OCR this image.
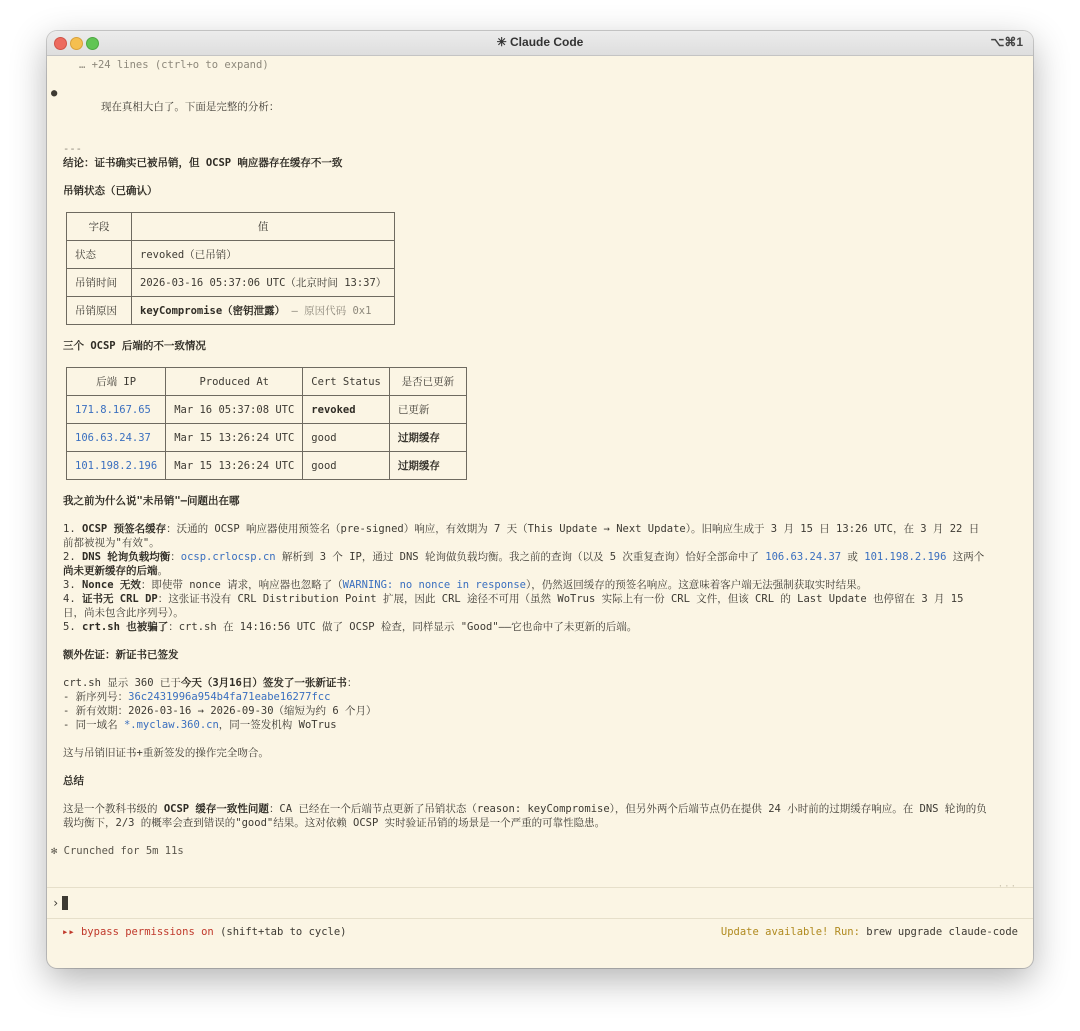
✳ Claude Code	⌥⌘1
… +24 lines (ctrl+o to expand)

●
现在真相大白了。下面是完整的分析：

---
结论：证书确实已被吊销，但 OCSP 响应器存在缓存不一致
吊销状态（已确认）
字段	值
状态	revoked（已吊销）
吊销时间	2026-03-16 05:37:06 UTC（北京时间 13:37）
吊销原因	keyCompromise（密钥泄露） — 原因代码 0x1
三个 OCSP 后端的不一致情况
后端 IP	Produced At	Cert Status	是否已更新
171.8.167.65	Mar 16 05:37:08 UTC	revoked	已更新
106.63.24.37	Mar 15 13:26:24 UTC	good	过期缓存
101.198.2.196	Mar 15 13:26:24 UTC	good	过期缓存
我之前为什么说"未吊销"—问题出在哪
1. OCSP 预签名缓存：沃通的 OCSP 响应器使用预签名（pre-signed）响应，有效期为 7 天（This Update → Next Update）。旧响应生成于 3 月 15 日 13:26 UTC，在 3 月 22 日前都被视为"有效"。
2. DNS 轮询负载均衡：ocsp.crlocsp.cn 解析到 3 个 IP，通过 DNS 轮询做负载均衡。我之前的查询（以及 5 次重复查询）恰好全部命中了 106.63.24.37 或 101.198.2.196 这两个尚未更新缓存的后端。
3. Nonce 无效：即使带 nonce 请求，响应器也忽略了（WARNING: no nonce in response），仍然返回缓存的预签名响应。这意味着客户端无法强制获取实时结果。
4. 证书无 CRL DP：这张证书没有 CRL Distribution Point 扩展，因此 CRL 途径不可用（虽然 WoTrus 实际上有一份 CRL 文件，但该 CRL 的 Last Update 也停留在 3 月 15 日，尚未包含此序列号）。
5. crt.sh 也被骗了：crt.sh 在 14:16:56 UTC 做了 OCSP 检查，同样显示 "Good"——它也命中了未更新的后端。
额外佐证：新证书已签发
crt.sh 显示 360 已于今天（3月16日）签发了一张新证书：
- 新序列号：36c2431996a954b4fa71eabe16277fcc
- 新有效期：2026-03-16 → 2026-09-30（缩短为约 6 个月）
- 同一域名 *.myclaw.360.cn，同一签发机构 WoTrus
这与吊销旧证书+重新签发的操作完全吻合。
总结
这是一个教科书级的 OCSP 缓存一致性问题：CA 已经在一个后端节点更新了吊销状态（reason: keyCompromise），但另外两个后端节点仍在提供 24 小时前的过期缓存响应。在 DNS 轮询的负载均衡下，2/3 的概率会查到错误的"good"结果。这对依赖 OCSP 实时验证吊销的场景是一个严重的可靠性隐患。
✻ Crunched for 5m 11s
···
›
▸▸ bypass permissions on (shift+tab to cycle)	Update available! Run: brew upgrade claude-code
